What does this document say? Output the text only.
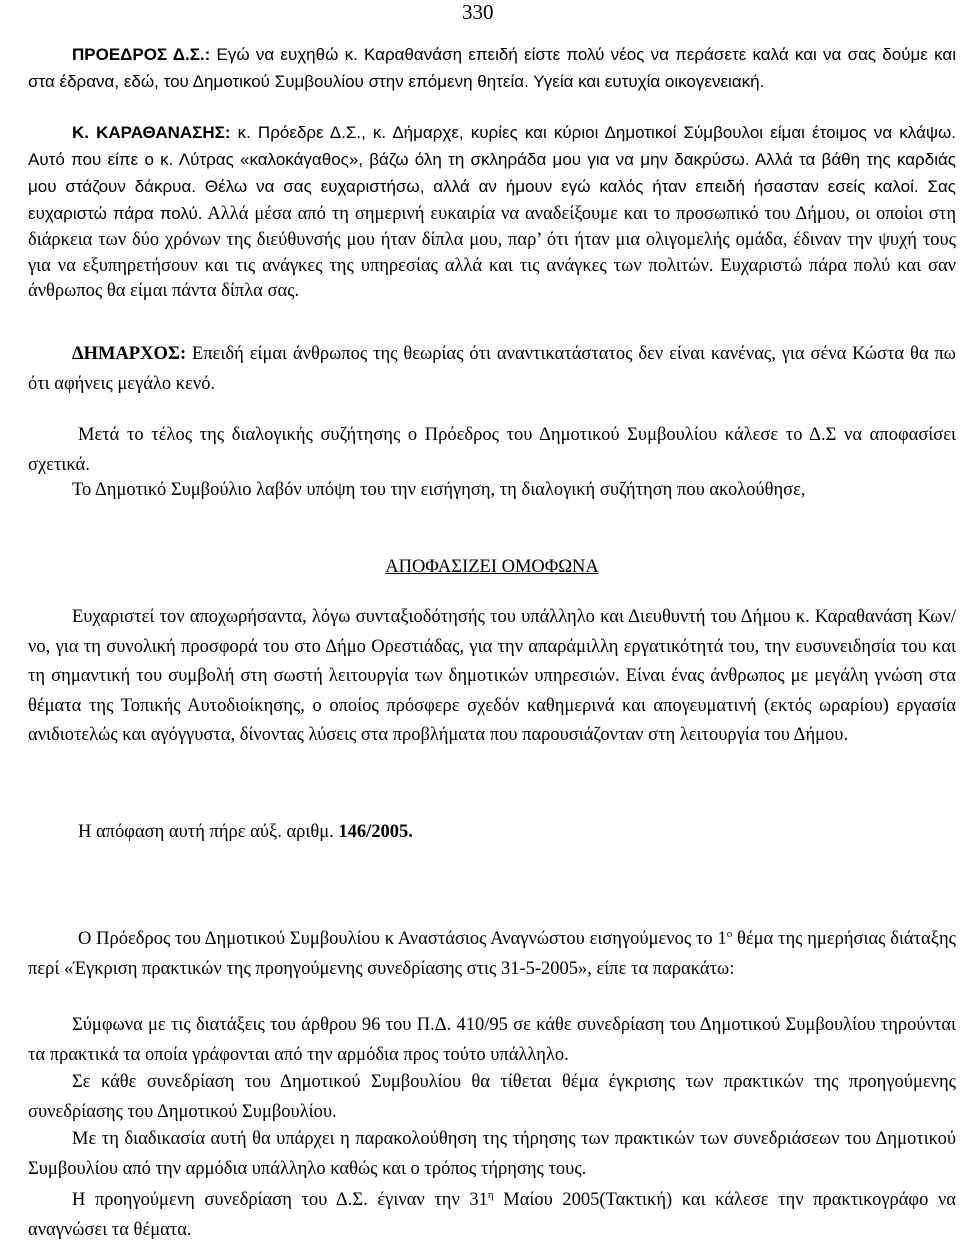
330

ΠΡΟΕΔΡΟΣ Δ.Σ.: Εγώ να ευχηθώ κ. Καραθανάση επειδή είστε πολύ νέος να περάσετε καλά και να σας δούμε και στα έδρανα, εδώ, του Δημοτικού Συμβουλίου στην επόμενη θητεία. Υγεία και ευτυχία οικογενειακή.

Κ. ΚΑΡΑΘΑΝΑΣΗΣ: κ. Πρόεδρε Δ.Σ., κ. Δήμαρχε, κυρίες και κύριοι Δημοτικοί Σύμβουλοι είμαι έτοιμος να κλάψω. Αυτό που είπε ο κ. Λύτρας «καλοκάγαθος», βάζω όλη τη σκληράδα μου για να μην δακρύσω. Αλλά τα βάθη της καρδιάς μου στάζουν δάκρυα. Θέλω να σας ευχαριστήσω, αλλά αν ήμουν εγώ καλός ήταν επειδή ήσασταν εσείς καλοί. Σας ευχαριστώ πάρα πολύ. Αλλά μέσα από τη σημερινή ευκαιρία να αναδείξουμε και το προσωπικό του Δήμου, οι οποίοι στη διάρκεια των δύο χρόνων της διεύθυνσής μου ήταν δίπλα μου, παρ’ ότι ήταν μια ολιγομελής ομάδα, έδιναν την ψυχή τους για να εξυπηρετήσουν και τις ανάγκες της υπηρεσίας αλλά και τις ανάγκες των πολιτών. Ευχαριστώ πάρα πολύ και σαν άνθρωπος θα είμαι πάντα δίπλα σας.

ΔΗΜΑΡΧΟΣ: Επειδή είμαι άνθρωπος της θεωρίας ότι αναντικατάστατος δεν είναι κανένας, για σένα Κώστα θα πω ότι αφήνεις μεγάλο κενό.

Μετά το τέλος της διαλογικής συζήτησης ο Πρόεδρος του Δημοτικού Συμβουλίου κάλεσε το Δ.Σ να αποφασίσει σχετικά.

Το Δημοτικό Συμβούλιο λαβόν υπόψη του την εισήγηση, τη διαλογική συζήτηση που ακολούθησε,

ΑΠΟΦΑΣΙΖΕΙ ΟΜΟΦΩΝΑ

Ευχαριστεί τον αποχωρήσαντα, λόγω συνταξιοδότησής του υπάλληλο και Διευθυντή του Δήμου κ. Καραθανάση Κων/νο, για τη συνολική προσφορά του στο Δήμο Ορεστιάδας, για την απαράμιλλη εργατικότητά του, την ευσυνειδησία του και τη σημαντική του συμβολή στη σωστή λειτουργία των δημοτικών υπηρεσιών. Είναι ένας άνθρωπος με μεγάλη γνώση στα θέματα της Τοπικής Αυτοδιοίκησης, ο οποίος πρόσφερε σχεδόν καθημερινά και απογευματινή (εκτός ωραρίου) εργασία ανιδιοτελώς και αγόγγυστα, δίνοντας λύσεις στα προβλήματα που παρουσιάζονταν στη λειτουργία του Δήμου.

Η απόφαση αυτή πήρε αύξ. αριθμ. 146/2005.

Ο Πρόεδρος του Δημοτικού Συμβουλίου κ Αναστάσιος Αναγνώστου εισηγούμενος το $1^o$ θέμα της ημερήσιας διάταξης περί «Έγκριση πρακτικών της προηγούμενης συνεδρίασης στις 31-5-2005», είπε τα παρακάτω:

Σύμφωνα με τις διατάξεις του άρθρου 96 του Π.Δ. 410/95 σε κάθε συνεδρίαση του Δημοτικού Συμβουλίου τηρούνται τα πρακτικά τα οποία γράφονται από την αρμόδια προς τούτο υπάλληλο.

Σε κάθε συνεδρίαση του Δημοτικού Συμβουλίου θα τίθεται θέμα έγκρισης των πρακτικών της προηγούμενης συνεδρίασης του Δημοτικού Συμβουλίου.

Με τη διαδικασία αυτή θα υπάρχει η παρακολούθηση της τήρησης των πρακτικών των συνεδριάσεων του Δημοτικού Συμβουλίου από την αρμόδια υπάλληλο καθώς και ο τρόπος τήρησης τους.

Η προηγούμενη συνεδρίαση του Δ.Σ. έγιναν την $31^\eta$ Μαίου 2005(Τακτική) και κάλεσε την πρακτικογράφο να αναγνώσει τα θέματα.
